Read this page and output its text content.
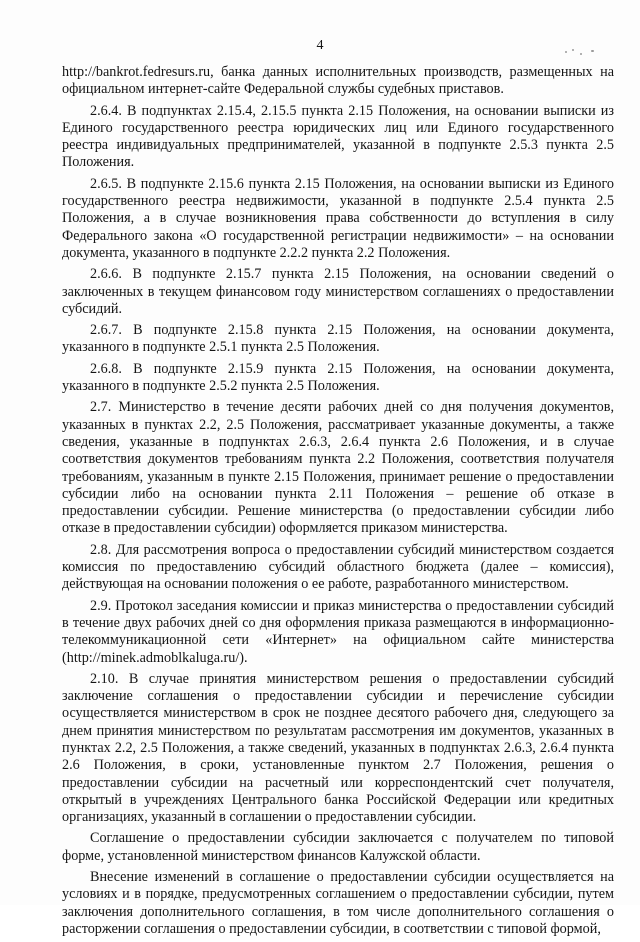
4

http://bankrot.fedresurs.ru, банка данных исполнительных производств, размещенных на официальном интернет-сайте Федеральной службы судебных приставов.

2.6.4. В подпунктах 2.15.4, 2.15.5 пункта 2.15 Положения, на основании выписки из Единого государственного реестра юридических лиц или Единого государственного реестра индивидуальных предпринимателей, указанной в подпункте 2.5.3 пункта 2.5 Положения.

2.6.5. В подпункте 2.15.6 пункта 2.15 Положения, на основании выписки из Единого государственного реестра недвижимости, указанной в подпункте 2.5.4 пункта 2.5 Положения, а в случае возникновения права собственности до вступления в силу Федерального закона «О государственной регистрации недвижимости» – на основании документа, указанного в подпункте 2.2.2 пункта 2.2 Положения.

2.6.6. В подпункте 2.15.7 пункта 2.15 Положения, на основании сведений о заключенных в текущем финансовом году министерством соглашениях о предоставлении субсидий.

2.6.7. В подпункте 2.15.8 пункта 2.15 Положения, на основании документа, указанного в подпункте 2.5.1 пункта 2.5 Положения.

2.6.8. В подпункте 2.15.9 пункта 2.15 Положения, на основании документа, указанного в подпункте 2.5.2 пункта 2.5 Положения.

2.7. Министерство в течение десяти рабочих дней со дня получения документов, указанных в пунктах 2.2, 2.5 Положения, рассматривает указанные документы, а также сведения, указанные в подпунктах 2.6.3, 2.6.4 пункта 2.6 Положения, и в случае соответствия документов требованиям пункта 2.2 Положения, соответствия получателя требованиям, указанным в пункте 2.15 Положения, принимает решение о предоставлении субсидии либо на основании пункта 2.11 Положения – решение об отказе в предоставлении субсидии. Решение министерства (о предоставлении субсидии либо отказе в предоставлении субсидии) оформляется приказом министерства.

2.8. Для рассмотрения вопроса о предоставлении субсидий министерством создается комиссия по предоставлению субсидий областного бюджета (далее – комиссия), действующая на основании положения о ее работе, разработанного министерством.

2.9. Протокол заседания комиссии и приказ министерства о предоставлении субсидий в течение двух рабочих дней со дня оформления приказа размещаются в информационно-телекоммуникационной сети «Интернет» на официальном сайте министерства (http://minek.admoblkaluga.ru/).

2.10. В случае принятия министерством решения о предоставлении субсидий заключение соглашения о предоставлении субсидии и перечисление субсидии осуществляется министерством в срок не позднее десятого рабочего дня, следующего за днем принятия министерством по результатам рассмотрения им документов, указанных в пунктах 2.2, 2.5 Положения, а также сведений, указанных в подпунктах 2.6.3, 2.6.4 пункта 2.6 Положения, в сроки, установленные пунктом 2.7 Положения, решения о предоставлении субсидии на расчетный или корреспондентский счет получателя, открытый в учреждениях Центрального банка Российской Федерации или кредитных организациях, указанный в соглашении о предоставлении субсидии.

Соглашение о предоставлении субсидии заключается с получателем по типовой форме, установленной министерством финансов Калужской области.

Внесение изменений в соглашение о предоставлении субсидии осуществляется на условиях и в порядке, предусмотренных соглашением о предоставлении субсидии, путем заключения дополнительного соглашения, в том числе дополнительного соглашения о расторжении соглашения о предоставлении субсидии, в соответствии с типовой формой,
